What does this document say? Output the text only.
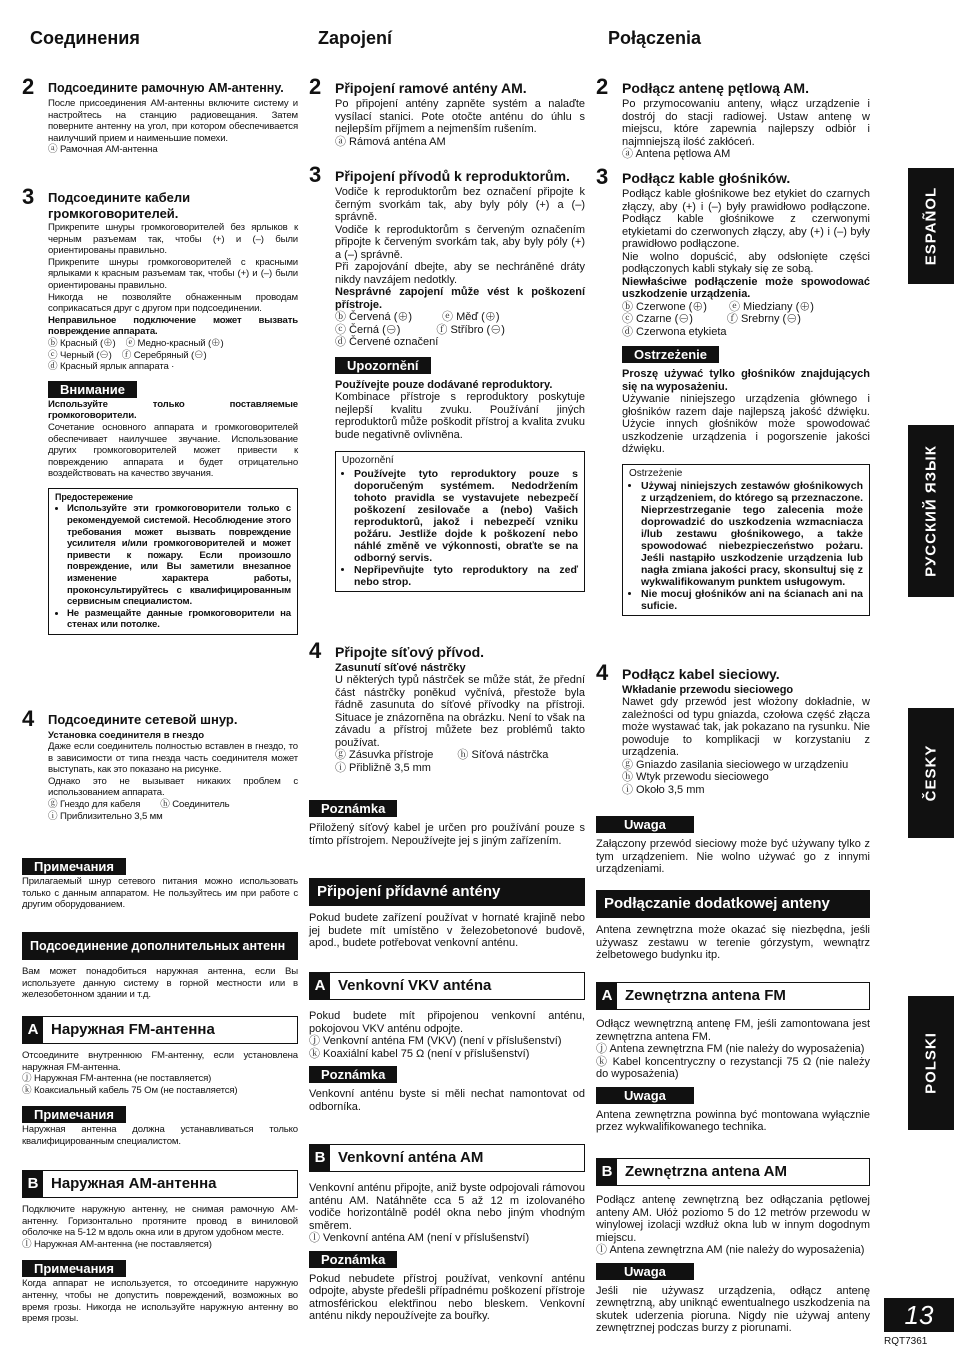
Соединения	Zapojení	Połączenia
2	Подсоедините рамочную АМ-антенну.

После присоединения АМ-антенны включите систему и настройтесь на станцию радиовещания. Затем поверните антенну на угол, при котором обеспечивается наилучший прием и наименьшие помехи.

ⓐ Рамочная АМ-антенна

3	Подсоедините кабели громкоговорителей.

Прикрепите шнуры громкоговорителей без ярлыков к черным разъемам так, чтобы (+) и (–) были ориентированы правильно.

Прикрепите шнуры громкоговорителей с красными ярлыками к красным разъемам так, чтобы (+) и (–) были ориентированы правильно.

Никогда не позволяйте обнаженным проводам соприкасаться друг с другом при подсоединении.

Неправильное подключение может вызвать повреждение аппарата.

ⓑ Красный (⊕) ⓔ Медно-красный (⊕)
ⓒ Черный (⊖) ⓕ Серебряный (⊖)

ⓓ Красный ярлык аппарата ·

Внимание

Используйте только поставляемые громкоговорители.

Сочетание основного аппарата и громкоговорителей обеспечивает наилучшее звучание. Использование других громкоговорителей может привести к повреждению аппарата и будет отрицательно воздействовать на качество звучания.

Предостережение

• Используйте эти громкоговорители только с рекомендуемой системой. Несоблюдение этого требования может вызвать повреждение усилителя и/или громкоговорителей и может привести к пожару. Если произошло повреждение, или Вы заметили внезапное изменение характера работы, проконсультируйтесь с квалифицированным сервисным специалистом.
• Не размещайте данные громкоговорители на стенах или потолке.
4	Подсоедините сетевой шнур.

Установка соединителя в гнездо

Даже если соединитель полностью вставлен в гнездо, то в зависимости от типа гнезда часть соединителя может выступать, как это показано на рисунке.

Однако это не вызывает никаких проблем с использованием аппарата.

ⓖ Гнездо для кабеля ⓗ Соединитель

ⓘ Приблизительно 3,5 мм

Примечания

Прилагаемый шнур сетевого питания можно использовать только с данным аппаратом. Не пользуйтесь им при работе с другим оборудованием.

Подсоединение дополнительных антенн

Вам может понадобиться наружная антенна, если Вы используете данную систему в горной местности или в железобетонном здании и т.д.

A Наружная FM-антенна

Отсоедините внутреннюю FM-антенну, если установлена наружная FM-антенна.

ⓙ Наружная FM-антенна (не поставляется)

ⓚ Коаксиальный кабель 75 Ом (не поставляется)

Примечания

Наружная антенна должна устанавливаться только квалифицированным специалистом.

B Наружная АМ-антенна

Подключите наружную антенну, не снимая рамочную АМ-антенну. Горизонтально протяните провод в виниловой оболочке на 5-12 м вдоль окна или в другом удобном месте.

ⓛ Наружная АМ-антенна (не поставляется)

Примечания

Когда аппарат не используется, то отсоедините наружную антенну, чтобы не допустить повреждений, возможных во время грозы. Никогда не используйте наружную антенну во время грозы.

2 Připojení ramové antény AM.

Po připojení antény zapněte systém a nalaďte vysílací stanici. Pote otočte anténu do úhlu s nejlepším příjmem a nejmenším rušením.

ⓐ Rámová anténa AM

3 Připojení přívodů k reproduktorům.

Vodiče k reproduktorům bez označení připojte k černým svorkám tak, aby byly póly (+) a (–) správně.

Vodiče k reproduktorům s červeným označením připojte k červeným svorkám tak, aby byly póly (+) a (–) správně.

Při zapojování dbejte, aby se nechráněné dráty nikdy navzájem nedotkly.

Nesprávné zapojení může vést k poškození přístroje.

ⓑ Červená (⊕)	ⓔ Měď (⊕)
ⓒ Černá (⊖)	ⓕ Stříbro (⊖)

ⓓ Červené označení

Upozornění

Používejte pouze dodávané reproduktory.

Kombinace přístroje s reproduktory poskytuje nejlepší kvalitu zvuku. Používání jiných reproduktorů může poškodit přístroj a kvalita zvuku bude negativně ovlivněna.

Upozornění

• Používejte tyto reproduktory pouze s doporučeným systémem. Nedodržením tohoto pravidla se vystavujete nebezpečí poškození zesilovače a (nebo) Vašich reproduktorů, jakož i nebezpečí vzniku požáru. Jestliže dojde k poškození nebo náhlé změně ve výkonnosti, obraťte se na odborný servis.
• Nepřipevňujte tyto reproduktory na zeď nebo strop.
4 Připojte síťový přívod.

Zasunutí síťové nástrčky

U některých typů nástrček se může stát, že přední část nástrčky poněkud vyčnívá, přestože byla řádně zasunuta do síťové přívodky na přístroji. Situace je znázorněna na obrázku. Není to však na závadu a přístroj můžete bez problémů takto používat.

ⓖ Zásuvka přístroje ⓗ Síťová nástrčka

ⓘ Přibližně 3,5 mm

Poznámka

Přiložený síťový kabel je určen pro používání pouze s tímto přístrojem. Nepoužívejte jej s jiným zařízením.

Připojení přídavné antény

Pokud budete zařízení používat v hornaté krajině nebo jej budete mít umístěno v železobetonové budově, apod., budete potřebovat venkovní anténu.

A Venkovní VKV anténa

Pokud budete mít připojenou venkovní anténu, pokojovou VKV anténu odpojte.

ⓙ Venkovní anténa FM (VKV) (není v příslušenství)

ⓚ Koaxiální kabel 75 Ω (není v příslušenství)

Poznámka

Venkovní anténu byste si měli nechat namontovat od odborníka.

B Venkovní anténa AM

Venkovní anténu připojte, aniž byste odpojovali rámovou anténu AM. Natáhněte cca 5 až 12 m izolovaného vodiče horizontálně podél okna nebo jiným vhodným směrem.

ⓛ Venkovní anténa AM (není v příslušenství)

Poznámka

Pokud nebudete přístroj používat, venkovní anténu odpojte, abyste předešli případnému poškození přístroje atmosférickou elektřinou nebo bleskem. Venkovní anténu nikdy nepoužívejte za bouřky.

2 Podłącz antenę pętlową AM.

Po przymocowaniu anteny, włącz urządzenie i dostrój do stacji radiowej. Ustaw antenę w miejscu, które zapewnia najlepszy odbiór i najmniejszą ilość zakłóceń.

ⓐ Antena pętlowa AM

3 Podłącz kable głośników.

Podłącz kable głośnikowe bez etykiet do czarnych złączy, aby (+) i (–) były prawidłowo podłączone. Podłącz kable głośnikowe z czerwonymi etykietami do czerwonych złączy, aby (+) i (–) były prawidłowo podłączone.

Nie wolno dopuścić, aby odsłonięte części podłączonych kabli stykały się ze sobą.

Niewłaściwe podłączenie może spowodować uszkodzenie urządzenia.

ⓑ Czerwone (⊕) ⓔ Miedziany (⊕)
ⓒ Czarne (⊖)	ⓕ Srebrny (⊖)

ⓓ Czerwona etykieta

Ostrzeżenie

Proszę używać tylko głośników znajdujących się na wyposażeniu.

Używanie niniejszego urządzenia głównego i głośników razem daje najlepszą jakość dźwięku. Użycie innych głośników może spowodować uszkodzenie urządzenia i pogorszenie jakości dźwięku.

Ostrzeżenie

• Używaj niniejszych zestawów głośnikowych z urządzeniem, do którego są przeznaczone. Nieprzestrzeganie tego zalecenia może doprowadzić do uszkodzenia wzmacniacza i/lub zestawu głośnikowego, a także spowodować niebezpieczeństwo pożaru. Jeśli nastąpiło uszkodzenie urządzenia lub nagła zmiana jakości pracy, skonsultuj się z wykwalifikowanym punktem usługowym.
• Nie mocuj głośników ani na ścianach ani na suficie.
4 Podłącz kabel sieciowy.

Wkładanie przewodu sieciowego

Nawet gdy przewód jest włożony dokładnie, w zależności od typu gniazda, czołowa część złącza może wystawać tak, jak pokazano na rysunku. Nie powoduje to komplikacji w korzystaniu z urządzenia.

ⓖ Gniazdo zasilania sieciowego w urządzeniu

ⓗ Wtyk przewodu sieciowego

ⓘ Około 3,5 mm

Uwaga

Załączony przewód sieciowy może być używany tylko z tym urządzeniem. Nie wolno używać go z innymi urządzeniami.

Podłączanie dodatkowej anteny

Antena zewnętrzna może okazać się niezbędna, jeśli używasz zestawu w terenie górzystym, wewnątrz żelbetowego budynku itp.

A Zewnętrzna antena FM

Odłącz wewnętrzną antenę FM, jeśli zamontowana jest zewnętrzna antena FM.

ⓙ Antena zewnętrzna FM (nie należy do wyposażenia)

ⓚ Kabel koncentryczny o rezystancji 75 Ω (nie należy do wyposażenia)

Uwaga

Antena zewnętrzna powinna być montowana wyłącznie przez wykwalifikowanego technika.

B Zewnętrzna antena AM

Podłącz antenę zewnętrzną bez odłączania pętlowej anteny AM. Ułóż poziomo 5 do 12 metrów przewodu w winylowej izolacji wzdłuż okna lub w innym dogodnym miejscu.

ⓛ Antena zewnętrzna AM (nie należy do wyposażenia)

Uwaga

Jeśli nie używasz urządzenia, odłącz antenę zewnętrzną, aby uniknąć ewentualnego uszkodzenia na skutek uderzenia pioruna. Nigdy nie używaj anteny zewnętrznej podczas burzy z piorunami.

ESPAÑOL
РУССКИЙ ЯЗЫК
ČESKY
POLSKI
13
RQT7361
